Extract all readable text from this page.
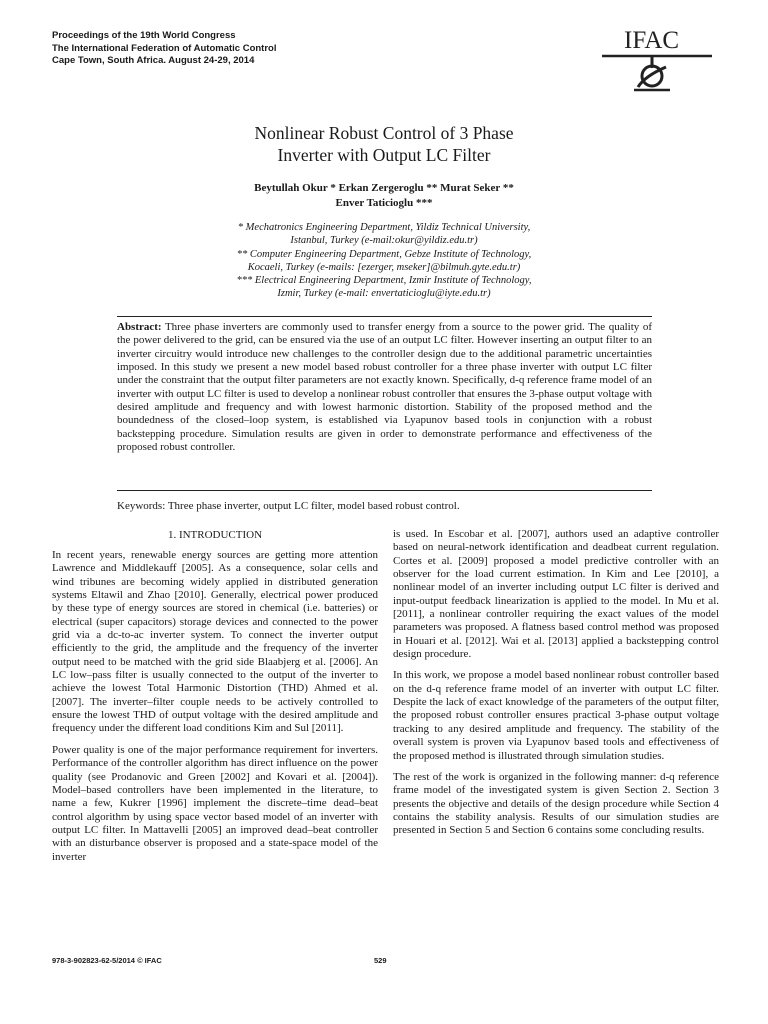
Proceedings of the 19th World Congress
The International Federation of Automatic Control
Cape Town, South Africa. August 24-29, 2014
IFAC
Nonlinear Robust Control of 3 Phase
Inverter with Output LC Filter
Beytullah Okur * Erkan Zergeroglu ** Murat Seker **
Enver Taticioglu ***
* Mechatronics Engineering Department, Yildiz Technical University,
Istanbul, Turkey (e-mail:okur@yildiz.edu.tr)
** Computer Engineering Department, Gebze Institute of Technology,
Kocaeli, Turkey (e-mails: [ezerger, mseker]@bilmuh.gyte.edu.tr)
*** Electrical Engineering Department, Izmir Institute of Technology,
Izmir, Turkey (e-mail: envertaticioglu@iyte.edu.tr)

Abstract: Three phase inverters are commonly used to transfer energy from a source to the power grid. The quality of the power delivered to the grid, can be ensured via the use of an output LC filter. However inserting an output filter to an inverter circuitry would introduce new challenges to the controller design due to the additional parametric uncertainties imposed. In this study we present a new model based robust controller for a three phase inverter with output LC filter under the constraint that the output filter parameters are not exactly known. Specifically, d-q reference frame model of an inverter with output LC filter is used to develop a nonlinear robust controller that ensures the 3-phase output voltage with desired amplitude and frequency and with lowest harmonic distortion. Stability of the proposed method and the boundedness of the closed–loop system, is established via Lyapunov based tools in conjunction with a robust backstepping procedure. Simulation results are given in order to demonstrate performance and effectiveness of the proposed robust controller.

Keywords: Three phase inverter, output LC filter, model based robust control.

1. INTRODUCTION

In recent years, renewable energy sources are getting more attention Lawrence and Middlekauff [2005]. As a consequence, solar cells and wind tribunes are becoming widely applied in distributed generation systems Eltawil and Zhao [2010]. Generally, electrical power produced by these type of energy sources are stored in chemical (i.e. batteries) or electrical (super capacitors) storage devices and connected to the power grid via a dc-to-ac inverter system. To connect the inverter output efficiently to the grid, the amplitude and the frequency of the inverter output need to be matched with the grid side Blaabjerg et al. [2006]. An LC low–pass filter is usually connected to the output of the inverter to achieve the lowest Total Harmonic Distortion (THD) Ahmed et al. [2007]. The inverter–filter couple needs to be actively controlled to ensure the lowest THD of output voltage with the desired amplitude and frequency under the different load conditions Kim and Sul [2011].

Power quality is one of the major performance requirement for inverters. Performance of the controller algorithm has direct influence on the power quality (see Prodanovic and Green [2002] and Kovari et al. [2004]). Model–based controllers have been implemented in the literature, to name a few, Kukrer [1996] implement the discrete–time dead–beat control algorithm by using space vector based model of an inverter with output LC filter. In Mattavelli [2005] an improved dead–beat controller with an disturbance observer is proposed and a state-space model of the inverter

is used. In Escobar et al. [2007], authors used an adaptive controller based on neural-network identification and deadbeat current regulation. Cortes et al. [2009] proposed a model predictive controller with an observer for the load current estimation. In Kim and Lee [2010], a nonlinear model of an inverter including output LC filter is derived and input-output feedback linearization is applied to the model. In Mu et al. [2011], a nonlinear controller requiring the exact values of the model parameters was proposed. A flatness based control method was proposed in Houari et al. [2012]. Wai et al. [2013] applied a backstepping control design procedure.

In this work, we propose a model based nonlinear robust controller based on the d-q reference frame model of an inverter with output LC filter. Despite the lack of exact knowledge of the parameters of the output filter, the proposed robust controller ensures practical 3-phase output voltage tracking to any desired amplitude and frequency. The stability of the overall system is proven via Lyapunov based tools and effectiveness of the proposed method is illustrated through simulation studies.

The rest of the work is organized in the following manner: d-q reference frame model of the investigated system is given Section 2. Section 3 presents the objective and details of the design procedure while Section 4 contains the stability analysis. Results of our simulation studies are presented in Section 5 and Section 6 contains some concluding results.

978-3-902823-62-5/2014 © IFAC	529
